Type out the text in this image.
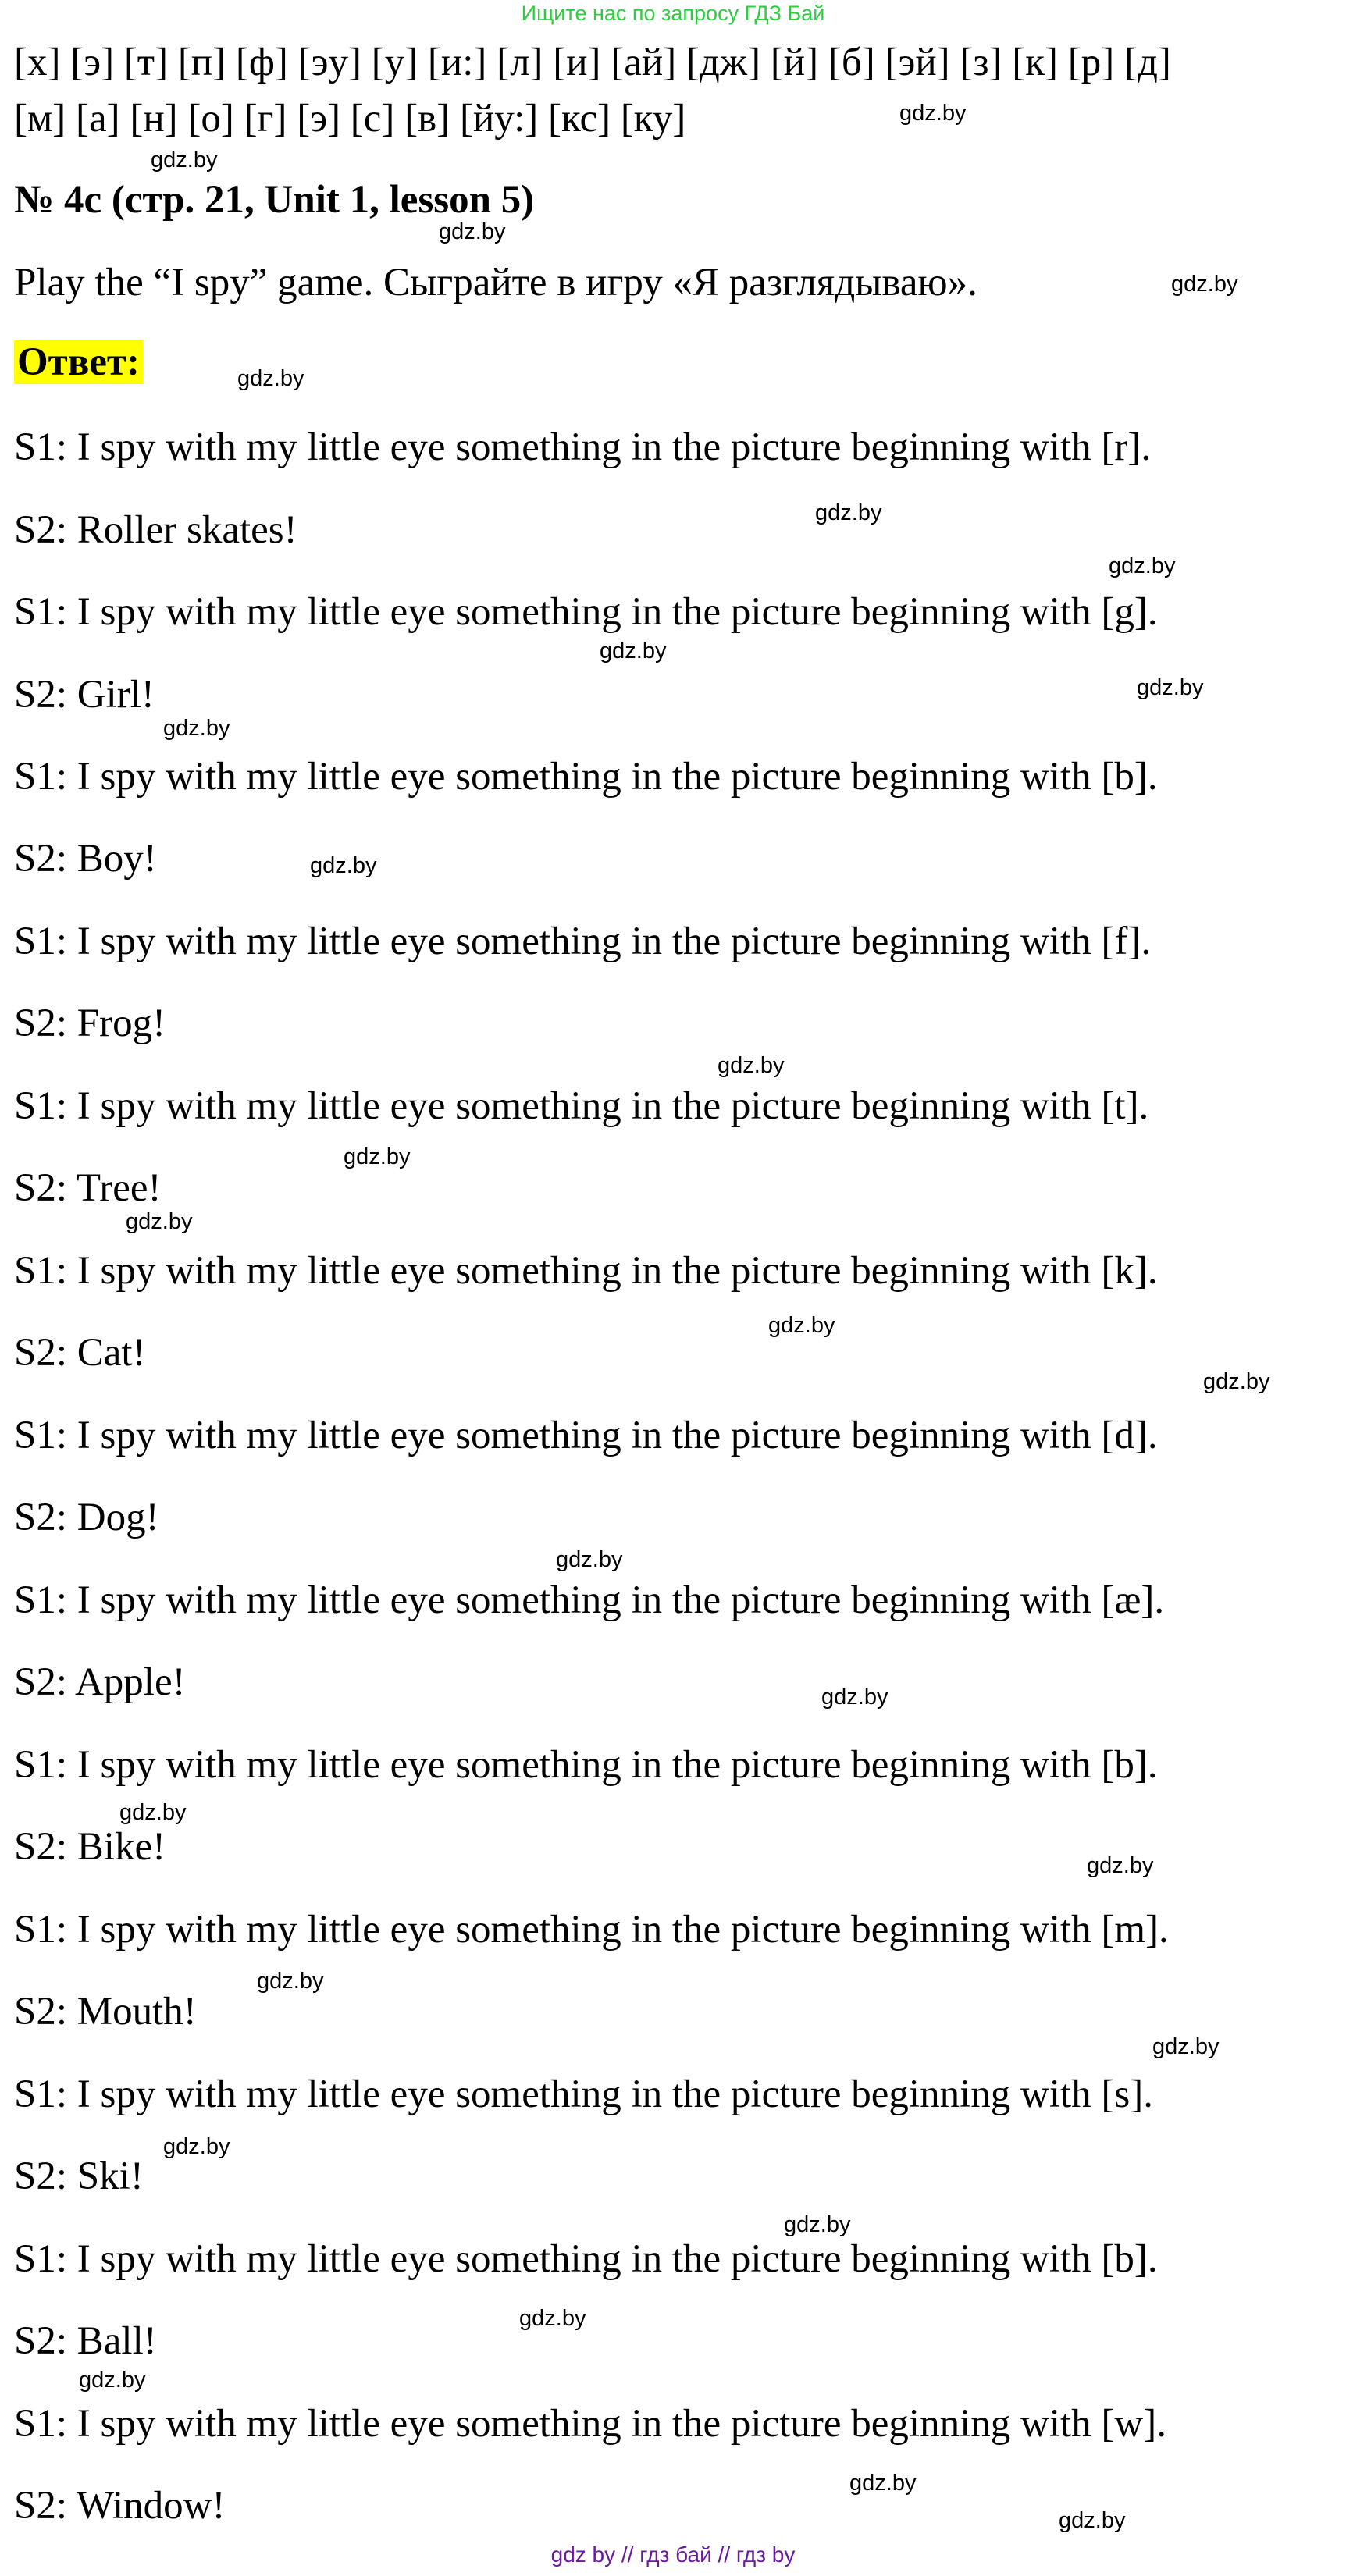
Ищите нас по запросу ГДЗ Бай
[х] [э] [т] [п] [ф] [эу] [у] [и:] [л] [и] [ай] [дж] [й] [б] [эй] [з] [к] [р] [д]
[м] [а] [н] [о] [г] [э] [с] [в] [йу:] [кс] [ку]
№ 4c (стр. 21, Unit 1, lesson 5)
Play the “I spy” game. Сыграйте в игру «Я разглядываю».
Ответ:
S1: I spy with my little eye something in the picture beginning with [r].
S2: Roller skates!
S1: I spy with my little eye something in the picture beginning with [g].
S2: Girl!
S1: I spy with my little eye something in the picture beginning with [b].
S2: Boy!
S1: I spy with my little eye something in the picture beginning with [f].
S2: Frog!
S1: I spy with my little eye something in the picture beginning with [t].
S2: Tree!
S1: I spy with my little eye something in the picture beginning with [k].
S2: Cat!
S1: I spy with my little eye something in the picture beginning with [d].
S2: Dog!
S1: I spy with my little eye something in the picture beginning with [æ].
S2: Apple!
S1: I spy with my little eye something in the picture beginning with [b].
S2: Bike!
S1: I spy with my little eye something in the picture beginning with [m].
S2: Mouth!
S1: I spy with my little eye something in the picture beginning with [s].
S2: Ski!
S1: I spy with my little eye something in the picture beginning with [b].
S2: Ball!
S1: I spy with my little eye something in the picture beginning with [w].
S2: Window!
gdz.by
gdz.by
gdz.by
gdz.by
gdz.by
gdz.by
gdz.by
gdz.by
gdz.by
gdz.by
gdz.by
gdz.by
gdz.by
gdz.by
gdz.by
gdz.by
gdz.by
gdz.by
gdz.by
gdz.by
gdz.by
gdz.by
gdz.by
gdz.by
gdz.by
gdz.by
gdz.by
gdz.by
gdz by // гдз бай // гдз by
